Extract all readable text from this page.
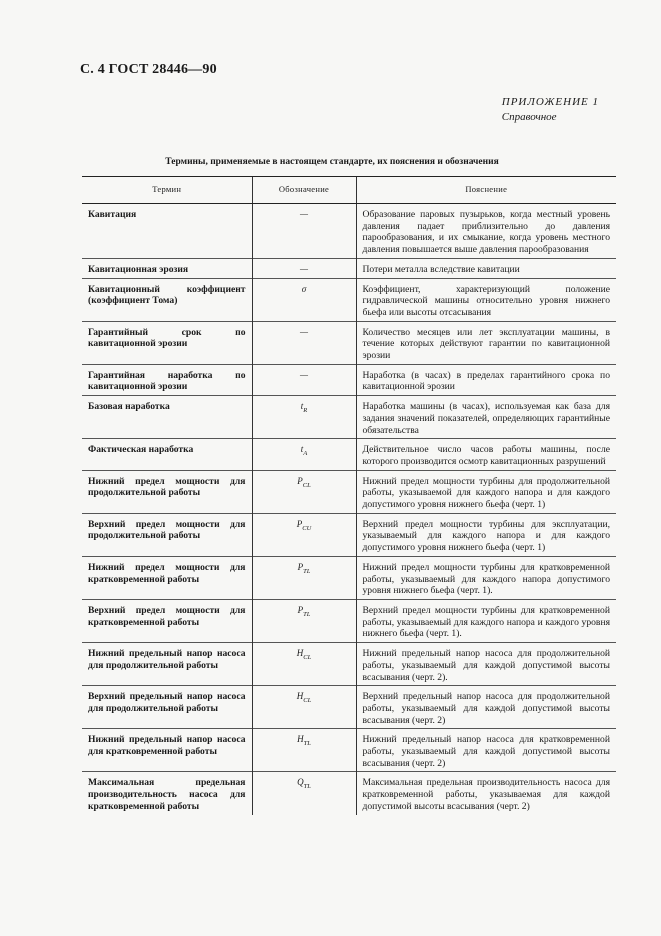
С. 4 ГОСТ 28446—90
ПРИЛОЖЕНИЕ 1
Справочное
Термины, применяемые в настоящем стандарте, их пояснения и обозначения
Термин	Обозначение	Пояснение
Кавитация	—	Образование паровых пузырьков, когда местный уровень давления падает приблизительно до давления парообразования, и их смыкание, когда уровень местного давления повышается выше давления парообразования
Кавитационная эрозия	—	Потери металла вследствие кавитации
Кавитационный коэффициент (коэффициент Тома)	σ	Коэффициент, характеризующий положение гидравлической машины относительно уровня нижнего бьефа или высоты отсасывания
Гарантийный срок по кавитационной эрозии	—	Количество месяцев или лет эксплуатации машины, в течение которых действуют гарантии по кавитационной эрозии
Гарантийная наработка по кавитационной эрозии	—	Наработка (в часах) в пределах гарантийного срока по кавитационной эрозии
Базовая наработка	$t_R$	Наработка машины (в часах), используемая как база для задания значений показателей, определяющих гарантийные обязательства
Фактическая наработка	$t_A$	Действительное число часов работы машины, после которого производится осмотр кавитационных разрушений
Нижний предел мощности для продолжительной работы	$P_{CL}$	Нижний предел мощности турбины для продолжительной работы, указываемой для каждого напора и для каждого допустимого уровня нижнего бьефа (черт. 1)
Верхний предел мощности для продолжительной работы	$P_{CU}$	Верхний предел мощности турбины для эксплуатации, указываемый для каждого напора и для каждого допустимого уровня нижнего бьефа (черт. 1)
Нижний предел мощности для кратковременной работы	$P_{TL}$	Нижний предел мощности турбины для кратковременной работы, указываемый для каждого напора допустимого уровня нижнего бьефа (черт. 1).
Верхний предел мощности для кратковременной работы	$P_{TL}$	Верхний предел мощности турбины для кратковременной работы, указываемый для каждого напора и каждого уровня нижнего бьефа (черт. 1).
Нижний предельный напор насоса для продолжительной работы	$H_{CL}$	Нижний предельный напор насоса для продолжительной работы, указываемый для каждой допустимой высоты всасывания (черт. 2).
Верхний предельный напор насоса для продолжительной работы	$H_{CL}$	Верхний предельный напор насоса для продолжительной работы, указываемый для каждой допустимой высоты всасывания (черт. 2)
Нижний предельный напор насоса для кратковременной работы	$H_{TL}$	Нижний предельный напор насоса для кратковременной работы, указываемый для каждой допустимой высоты всасывания (черт. 2)
Максимальная предельная производительность насоса для кратковременной работы	$Q_{TL}$	Максимальная предельная производительность насоса для кратковременной работы, указываемая для каждой допустимой высоты всасывания (черт. 2)
